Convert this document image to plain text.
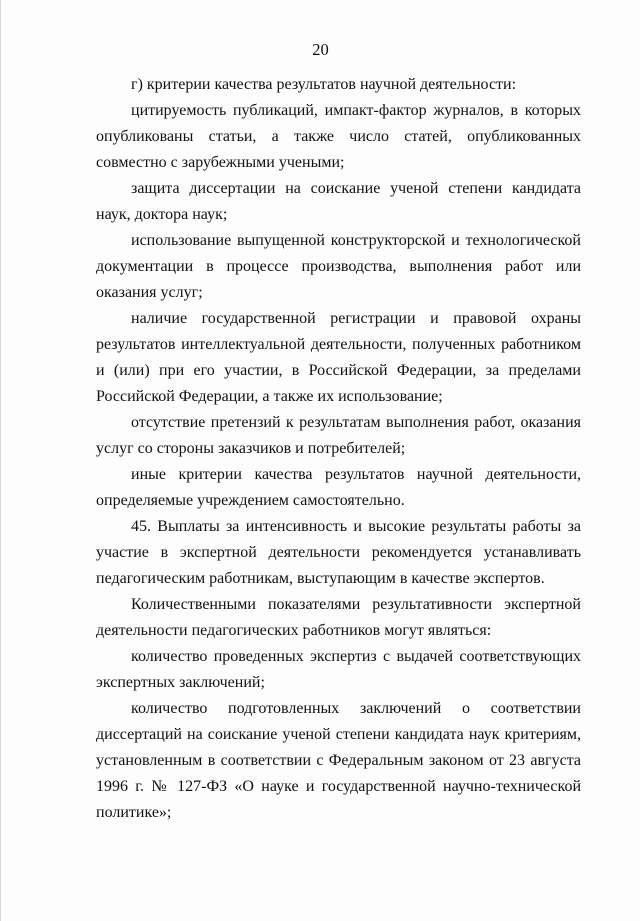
20

г) критерии качества результатов научной деятельности:

цитируемость публикаций, импакт-фактор журналов, в которых опубликованы статьи, а также число статей, опубликованных совместно с зарубежными учеными;

защита диссертации на соискание ученой степени кандидата наук, доктора наук;

использование выпущенной конструкторской и технологической документации в процессе производства, выполнения работ или оказания услуг;

наличие государственной регистрации и правовой охраны результатов интеллектуальной деятельности, полученных работником и (или) при его участии, в Российской Федерации, за пределами Российской Федерации, а также их использование;

отсутствие претензий к результатам выполнения работ, оказания услуг со стороны заказчиков и потребителей;

иные критерии качества результатов научной деятельности, определяемые учреждением самостоятельно.

45. Выплаты за интенсивность и высокие результаты работы за участие в экспертной деятельности рекомендуется устанавливать педагогическим работникам, выступающим в качестве экспертов.

Количественными показателями результативности экспертной деятельности педагогических работников могут являться:

количество проведенных экспертиз с выдачей соответствующих экспертных заключений;

количество подготовленных заключений о соответствии диссертаций на соискание ученой степени кандидата наук критериям, установленным в соответствии с Федеральным законом от 23 августа 1996 г. № 127-ФЗ «О науке и государственной научно-технической политике»;
